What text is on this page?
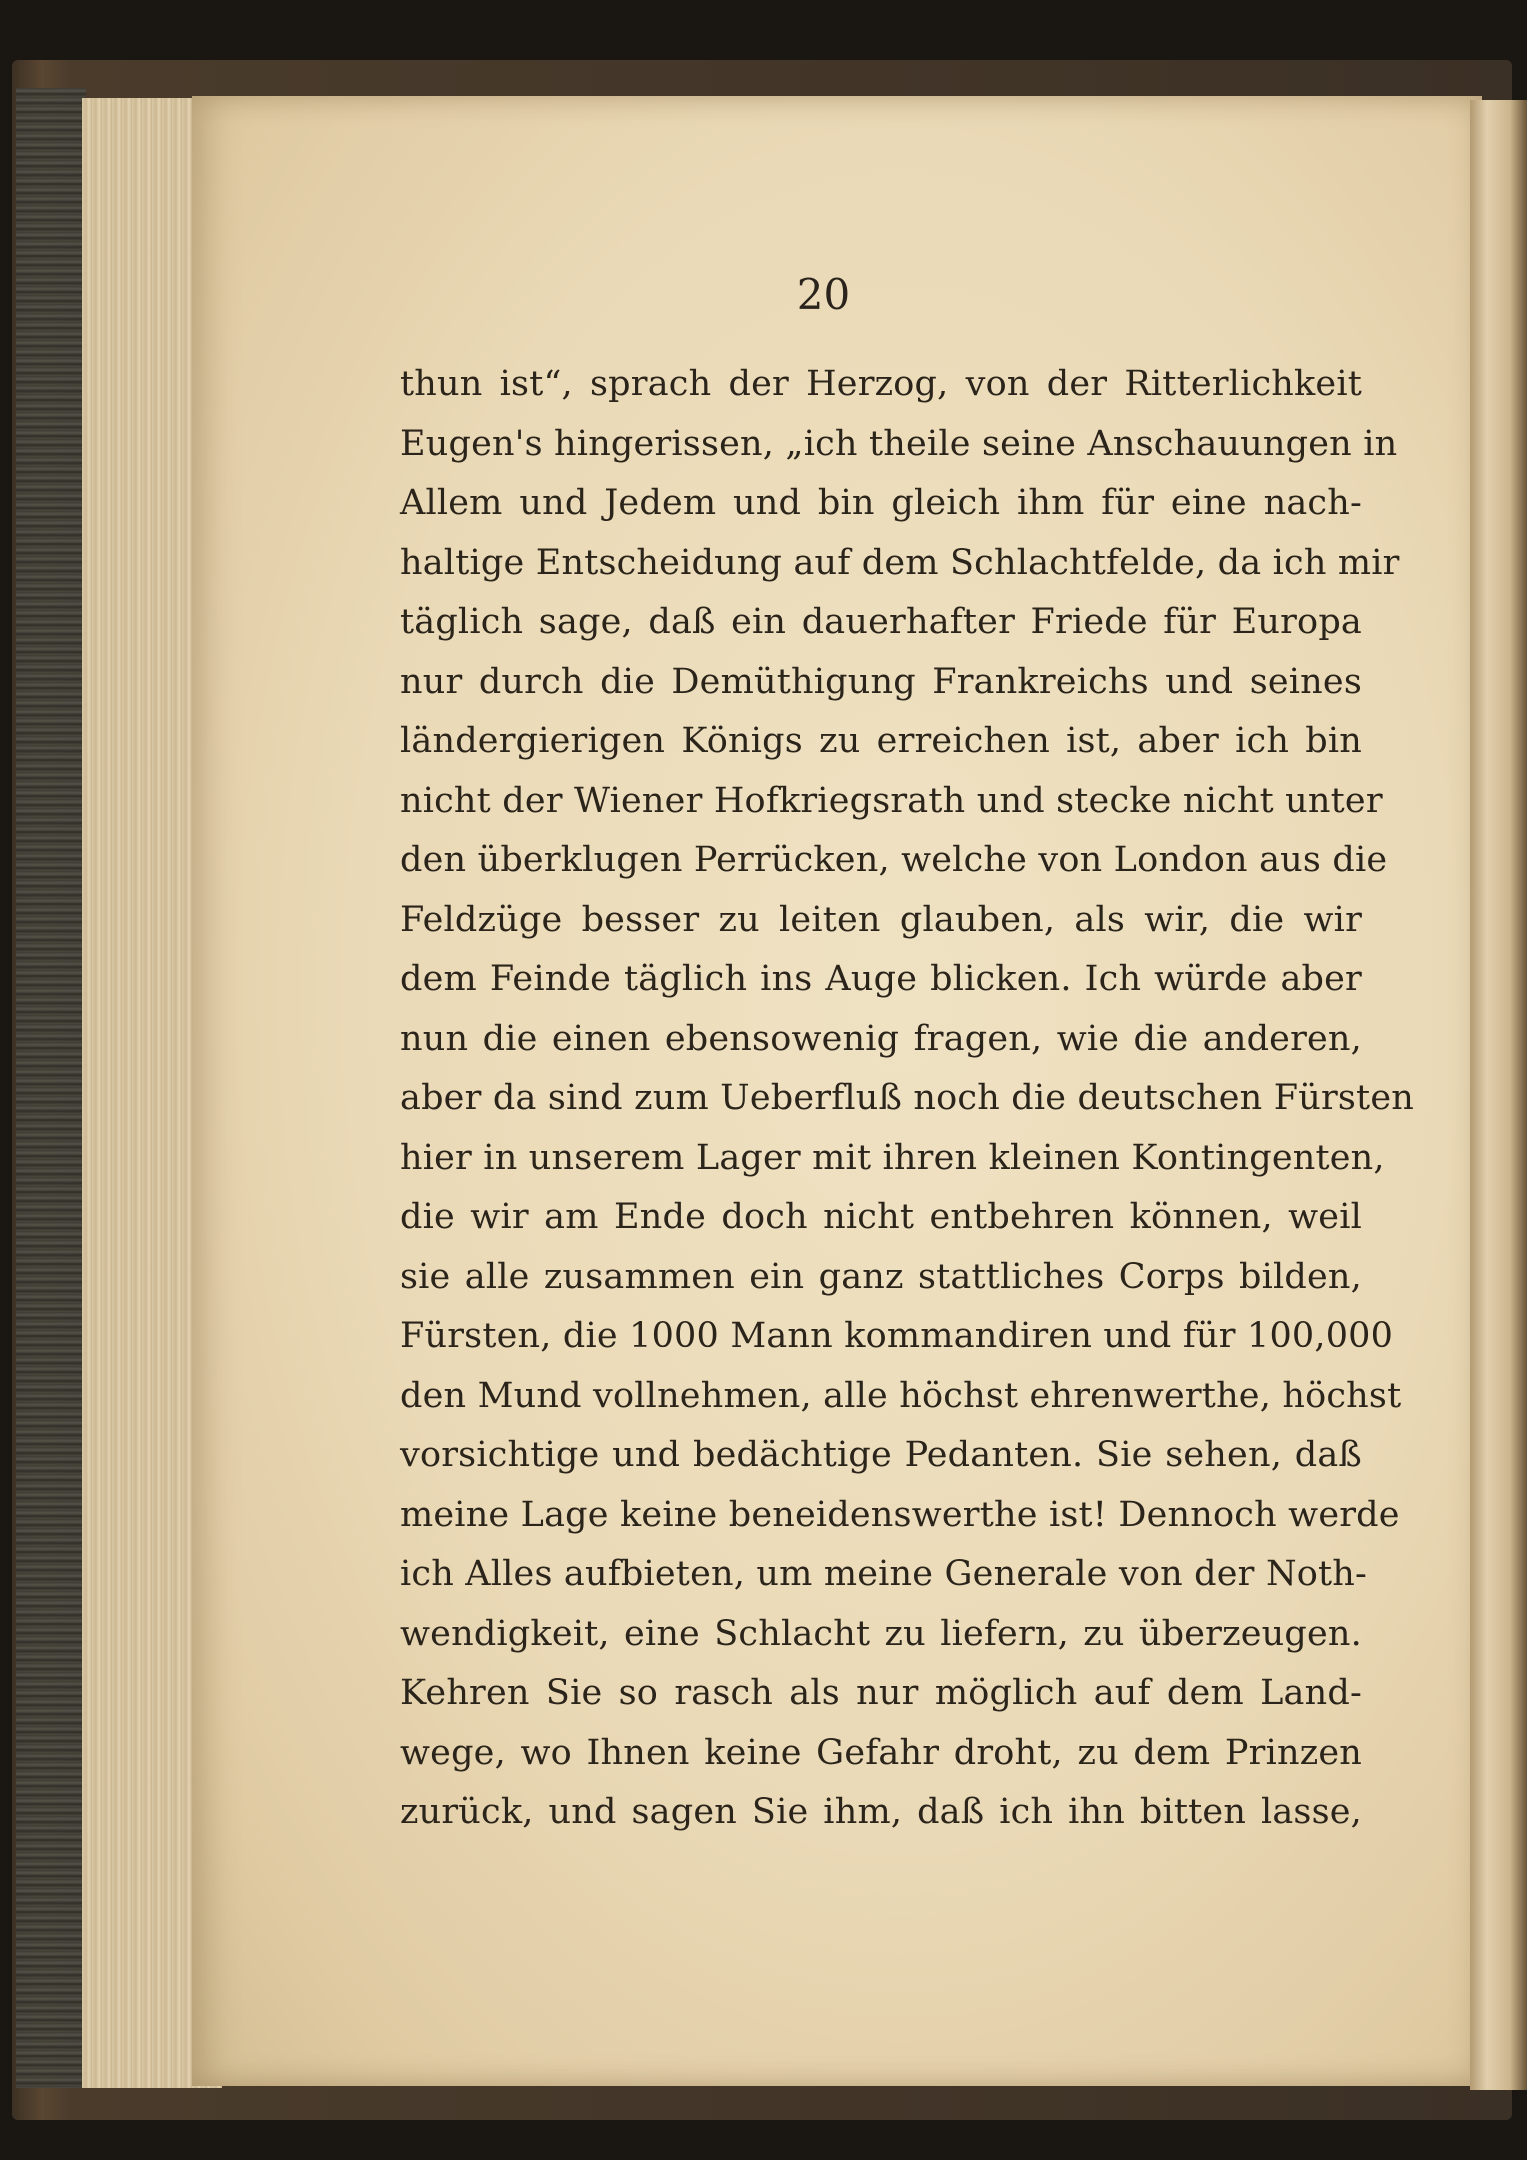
20
thun ist“, sprach der Herzog, von der Ritterlichkeit
Eugen's hingerissen, „ich theile seine Anschauungen in
Allem und Jedem und bin gleich ihm für eine nach-
haltige Entscheidung auf dem Schlachtfelde, da ich mir
täglich sage, daß ein dauerhafter Friede für Europa
nur durch die Demüthigung Frankreichs und seines
ländergierigen Königs zu erreichen ist, aber ich bin
nicht der Wiener Hofkriegsrath und stecke nicht unter
den überklugen Perrücken, welche von London aus die
Feldzüge besser zu leiten glauben, als wir, die wir
dem Feinde täglich ins Auge blicken. Ich würde aber
nun die einen ebensowenig fragen, wie die anderen,
aber da sind zum Ueberfluß noch die deutschen Fürsten
hier in unserem Lager mit ihren kleinen Kontingenten,
die wir am Ende doch nicht entbehren können, weil
sie alle zusammen ein ganz stattliches Corps bilden,
Fürsten, die 1000 Mann kommandiren und für 100,000
den Mund vollnehmen, alle höchst ehrenwerthe, höchst
vorsichtige und bedächtige Pedanten. Sie sehen, daß
meine Lage keine beneidenswerthe ist! Dennoch werde
ich Alles aufbieten, um meine Generale von der Noth-
wendigkeit, eine Schlacht zu liefern, zu überzeugen.
Kehren Sie so rasch als nur möglich auf dem Land-
wege, wo Ihnen keine Gefahr droht, zu dem Prinzen
zurück, und sagen Sie ihm, daß ich ihn bitten lasse,
